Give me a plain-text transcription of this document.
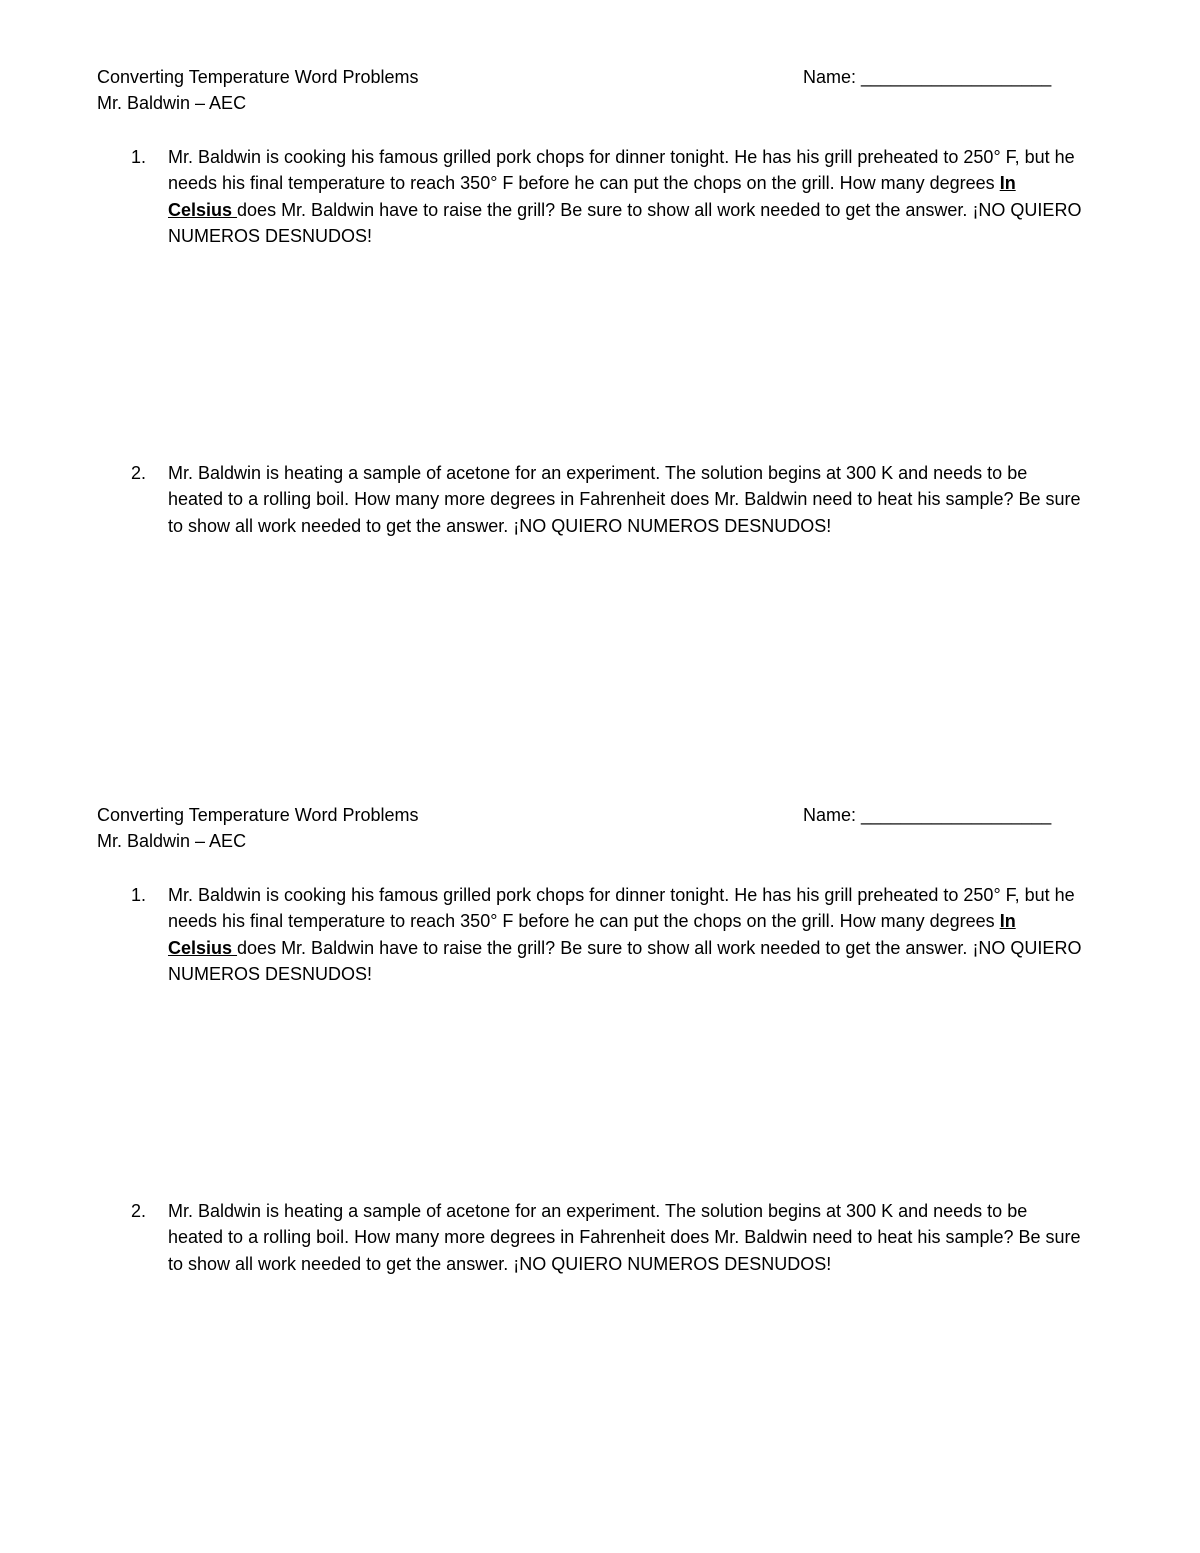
Converting Temperature Word Problems	Name: ___________________
Mr. Baldwin – AEC
1. Mr. Baldwin is cooking his famous grilled pork chops for dinner tonight. He has his grill preheated to 250° F, but he needs his final temperature to reach 350° F before he can put the chops on the grill. How many degrees In Celsius does Mr. Baldwin have to raise the grill? Be sure to show all work needed to get the answer. ¡NO QUIERO NUMEROS DESNUDOS!
2. Mr. Baldwin is heating a sample of acetone for an experiment. The solution begins at 300 K and needs to be heated to a rolling boil. How many more degrees in Fahrenheit does Mr. Baldwin need to heat his sample? Be sure to show all work needed to get the answer. ¡NO QUIERO NUMEROS DESNUDOS!
Converting Temperature Word Problems	Name: ___________________
Mr. Baldwin – AEC
1. Mr. Baldwin is cooking his famous grilled pork chops for dinner tonight. He has his grill preheated to 250° F, but he needs his final temperature to reach 350° F before he can put the chops on the grill. How many degrees In Celsius does Mr. Baldwin have to raise the grill? Be sure to show all work needed to get the answer. ¡NO QUIERO NUMEROS DESNUDOS!
2. Mr. Baldwin is heating a sample of acetone for an experiment. The solution begins at 300 K and needs to be heated to a rolling boil. How many more degrees in Fahrenheit does Mr. Baldwin need to heat his sample? Be sure to show all work needed to get the answer. ¡NO QUIERO NUMEROS DESNUDOS!
